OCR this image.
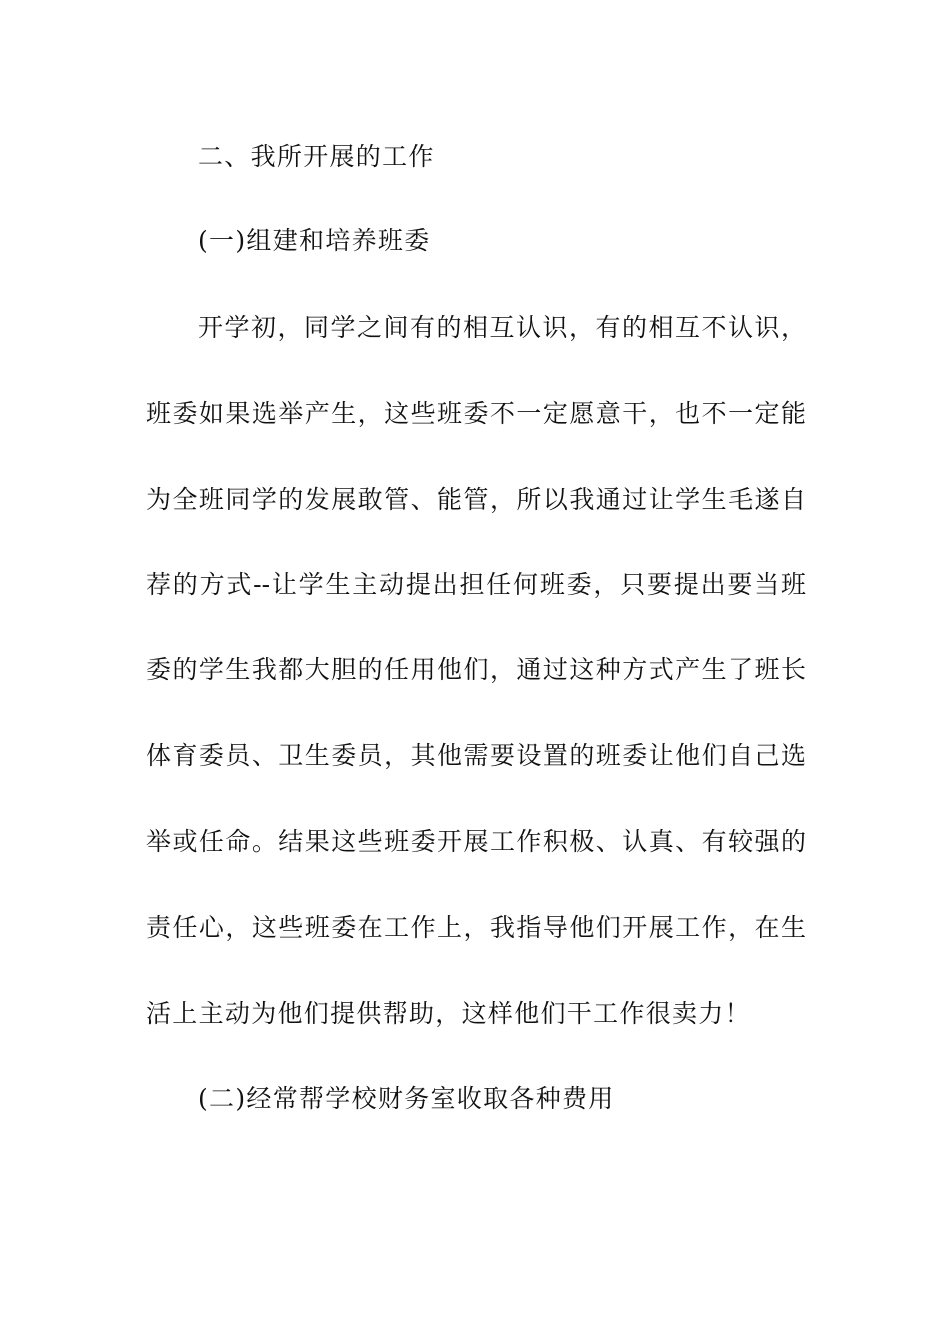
二、我所开展的工作
(一)组建和培养班委
开学初，同学之间有的相互认识，有的相互不认识，
班委如果选举产生，这些班委不一定愿意干，也不一定能
为全班同学的发展敢管、能管，所以我通过让学生毛遂自
荐的方式--让学生主动提出担任何班委，只要提出要当班
委的学生我都大胆的任用他们，通过这种方式产生了班长
体育委员、卫生委员，其他需要设置的班委让他们自己选
举或任命。结果这些班委开展工作积极、认真、有较强的
责任心，这些班委在工作上，我指导他们开展工作，在生
活上主动为他们提供帮助，这样他们干工作很卖力！
(二)经常帮学校财务室收取各种费用
